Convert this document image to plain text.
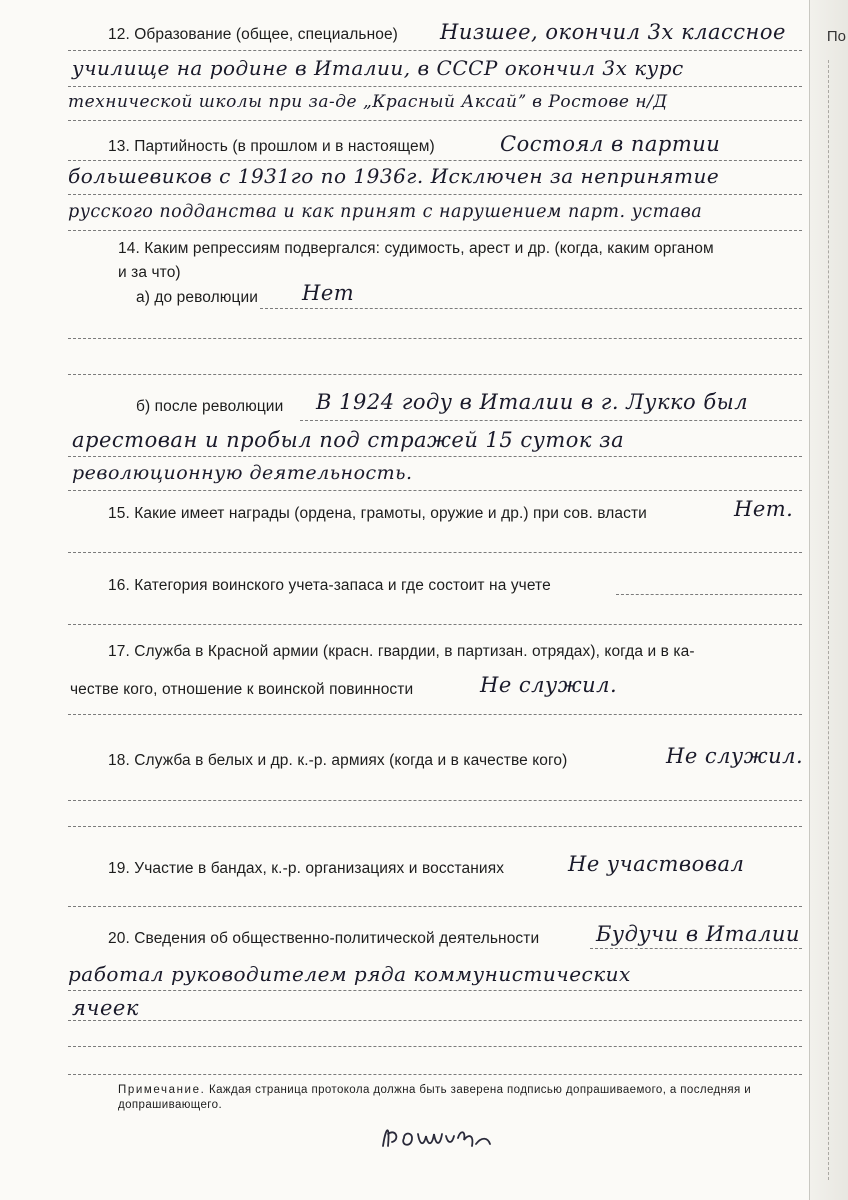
По
12. Образование (общее, специальное) Низшее, окончил 3х классное
училище на родине в Италии, в СССР окончил 3х курс
технической школы при за-де „Красный Аксайˮ в Ростове н/Д
13. Партийность (в прошлом и в настоящем)	Состоял в партии
большевиков с 1931го по 1936г. Исключен за непринятие
русского подданства и как принят с нарушением парт. устава
14. Каким репрессиям подвергался: судимость, арест и др. (когда, каким органом
и за что)
а) до революции Нет
б) после революции В 1924 году в Италии в г. Лукко был
арестован и пробыл под стражей 15 суток за
революционную деятельность.
15. Какие имеет награды (ордена, грамоты, оружие и др.) при сов. власти	Нет.
16. Категория воинского учета-запаса и где состоит на учете
17. Служба в Красной армии (красн. гвардии, в партизан. отрядах), когда и в ка-
честве кого, отношение к воинской повинности	Не служил.
18. Служба в белых и др. к.-р. армиях (когда и в качестве кого)	Не служил.
19. Участие в бандах, к.-р. организациях и восстаниях	Не участвовал
20. Сведения об общественно-политической деятельности	Будучи в Италии
работал руководителем ряда коммунистических
ячеек
Примечание. Каждая страница протокола должна быть заверена подписью допрашиваемого, а последняя и допрашивающего.
